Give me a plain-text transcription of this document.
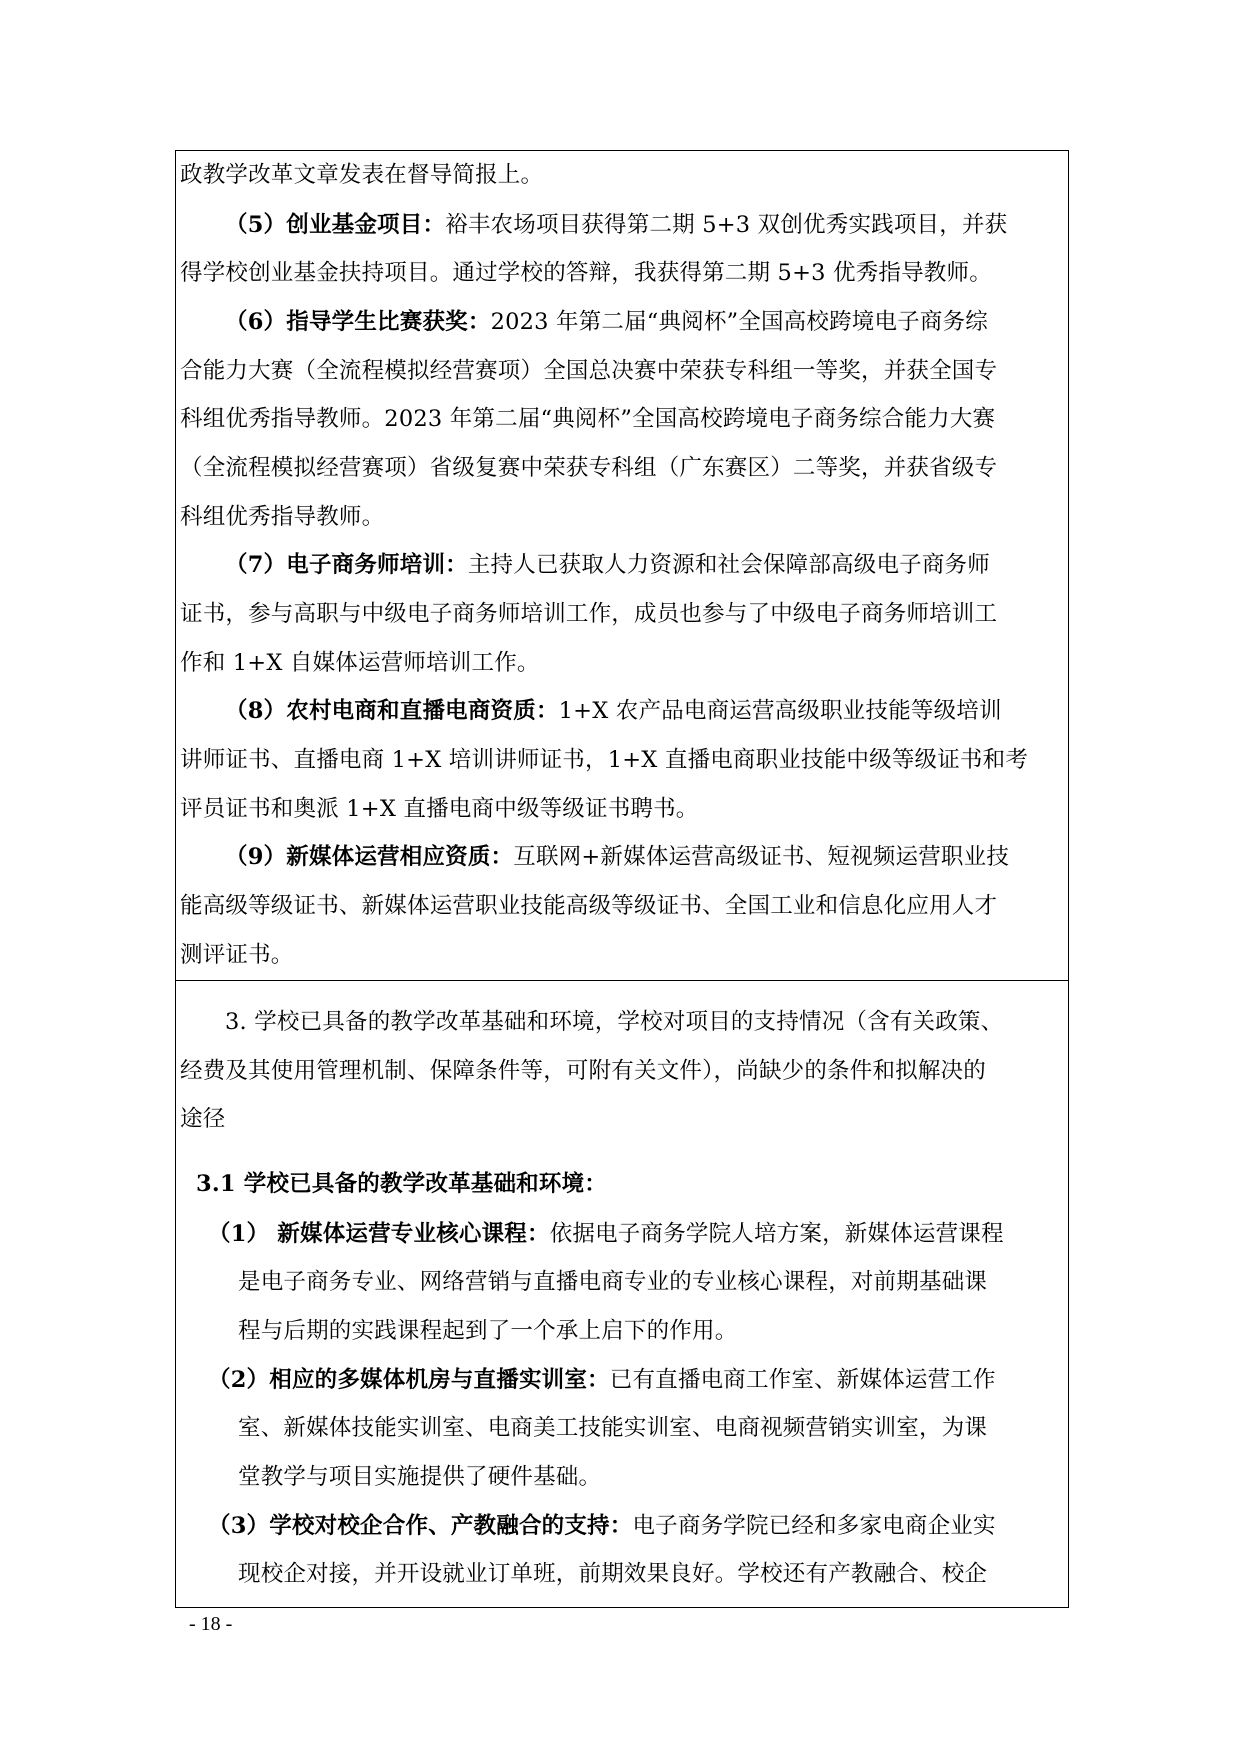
政教学改革文章发表在督导简报上。
（5）创业基金项目：裕丰农场项目获得第二期 5+3 双创优秀实践项目，并获
得学校创业基金扶持项目。通过学校的答辩，我获得第二期 5+3 优秀指导教师。
（6）指导学生比赛获奖：2023 年第二届“典阅杯”全国高校跨境电子商务综
合能力大赛（全流程模拟经营赛项）全国总决赛中荣获专科组一等奖，并获全国专
科组优秀指导教师。2023 年第二届“典阅杯”全国高校跨境电子商务综合能力大赛
（全流程模拟经营赛项）省级复赛中荣获专科组（广东赛区）二等奖，并获省级专
科组优秀指导教师。
（7）电子商务师培训：主持人已获取人力资源和社会保障部高级电子商务师
证书，参与高职与中级电子商务师培训工作，成员也参与了中级电子商务师培训工
作和 1+X 自媒体运营师培训工作。
（8）农村电商和直播电商资质：1+X 农产品电商运营高级职业技能等级培训
讲师证书、直播电商 1+X 培训讲师证书，1+X 直播电商职业技能中级等级证书和考
评员证书和奥派 1+X 直播电商中级等级证书聘书。
（9）新媒体运营相应资质：互联网+新媒体运营高级证书、短视频运营职业技
能高级等级证书、新媒体运营职业技能高级等级证书、全国工业和信息化应用人才
测评证书。
3. 学校已具备的教学改革基础和环境，学校对项目的支持情况（含有关政策、
经费及其使用管理机制、保障条件等，可附有关文件），尚缺少的条件和拟解决的
途径
3.1 学校已具备的教学改革基础和环境：
（1） 新媒体运营专业核心课程：依据电子商务学院人培方案，新媒体运营课程
是电子商务专业、网络营销与直播电商专业的专业核心课程，对前期基础课
程与后期的实践课程起到了一个承上启下的作用。
（2）相应的多媒体机房与直播实训室：已有直播电商工作室、新媒体运营工作
室、新媒体技能实训室、电商美工技能实训室、电商视频营销实训室，为课
堂教学与项目实施提供了硬件基础。
（3）学校对校企合作、产教融合的支持：电子商务学院已经和多家电商企业实
现校企对接，并开设就业订单班，前期效果良好。学校还有产教融合、校企
- 18 -
